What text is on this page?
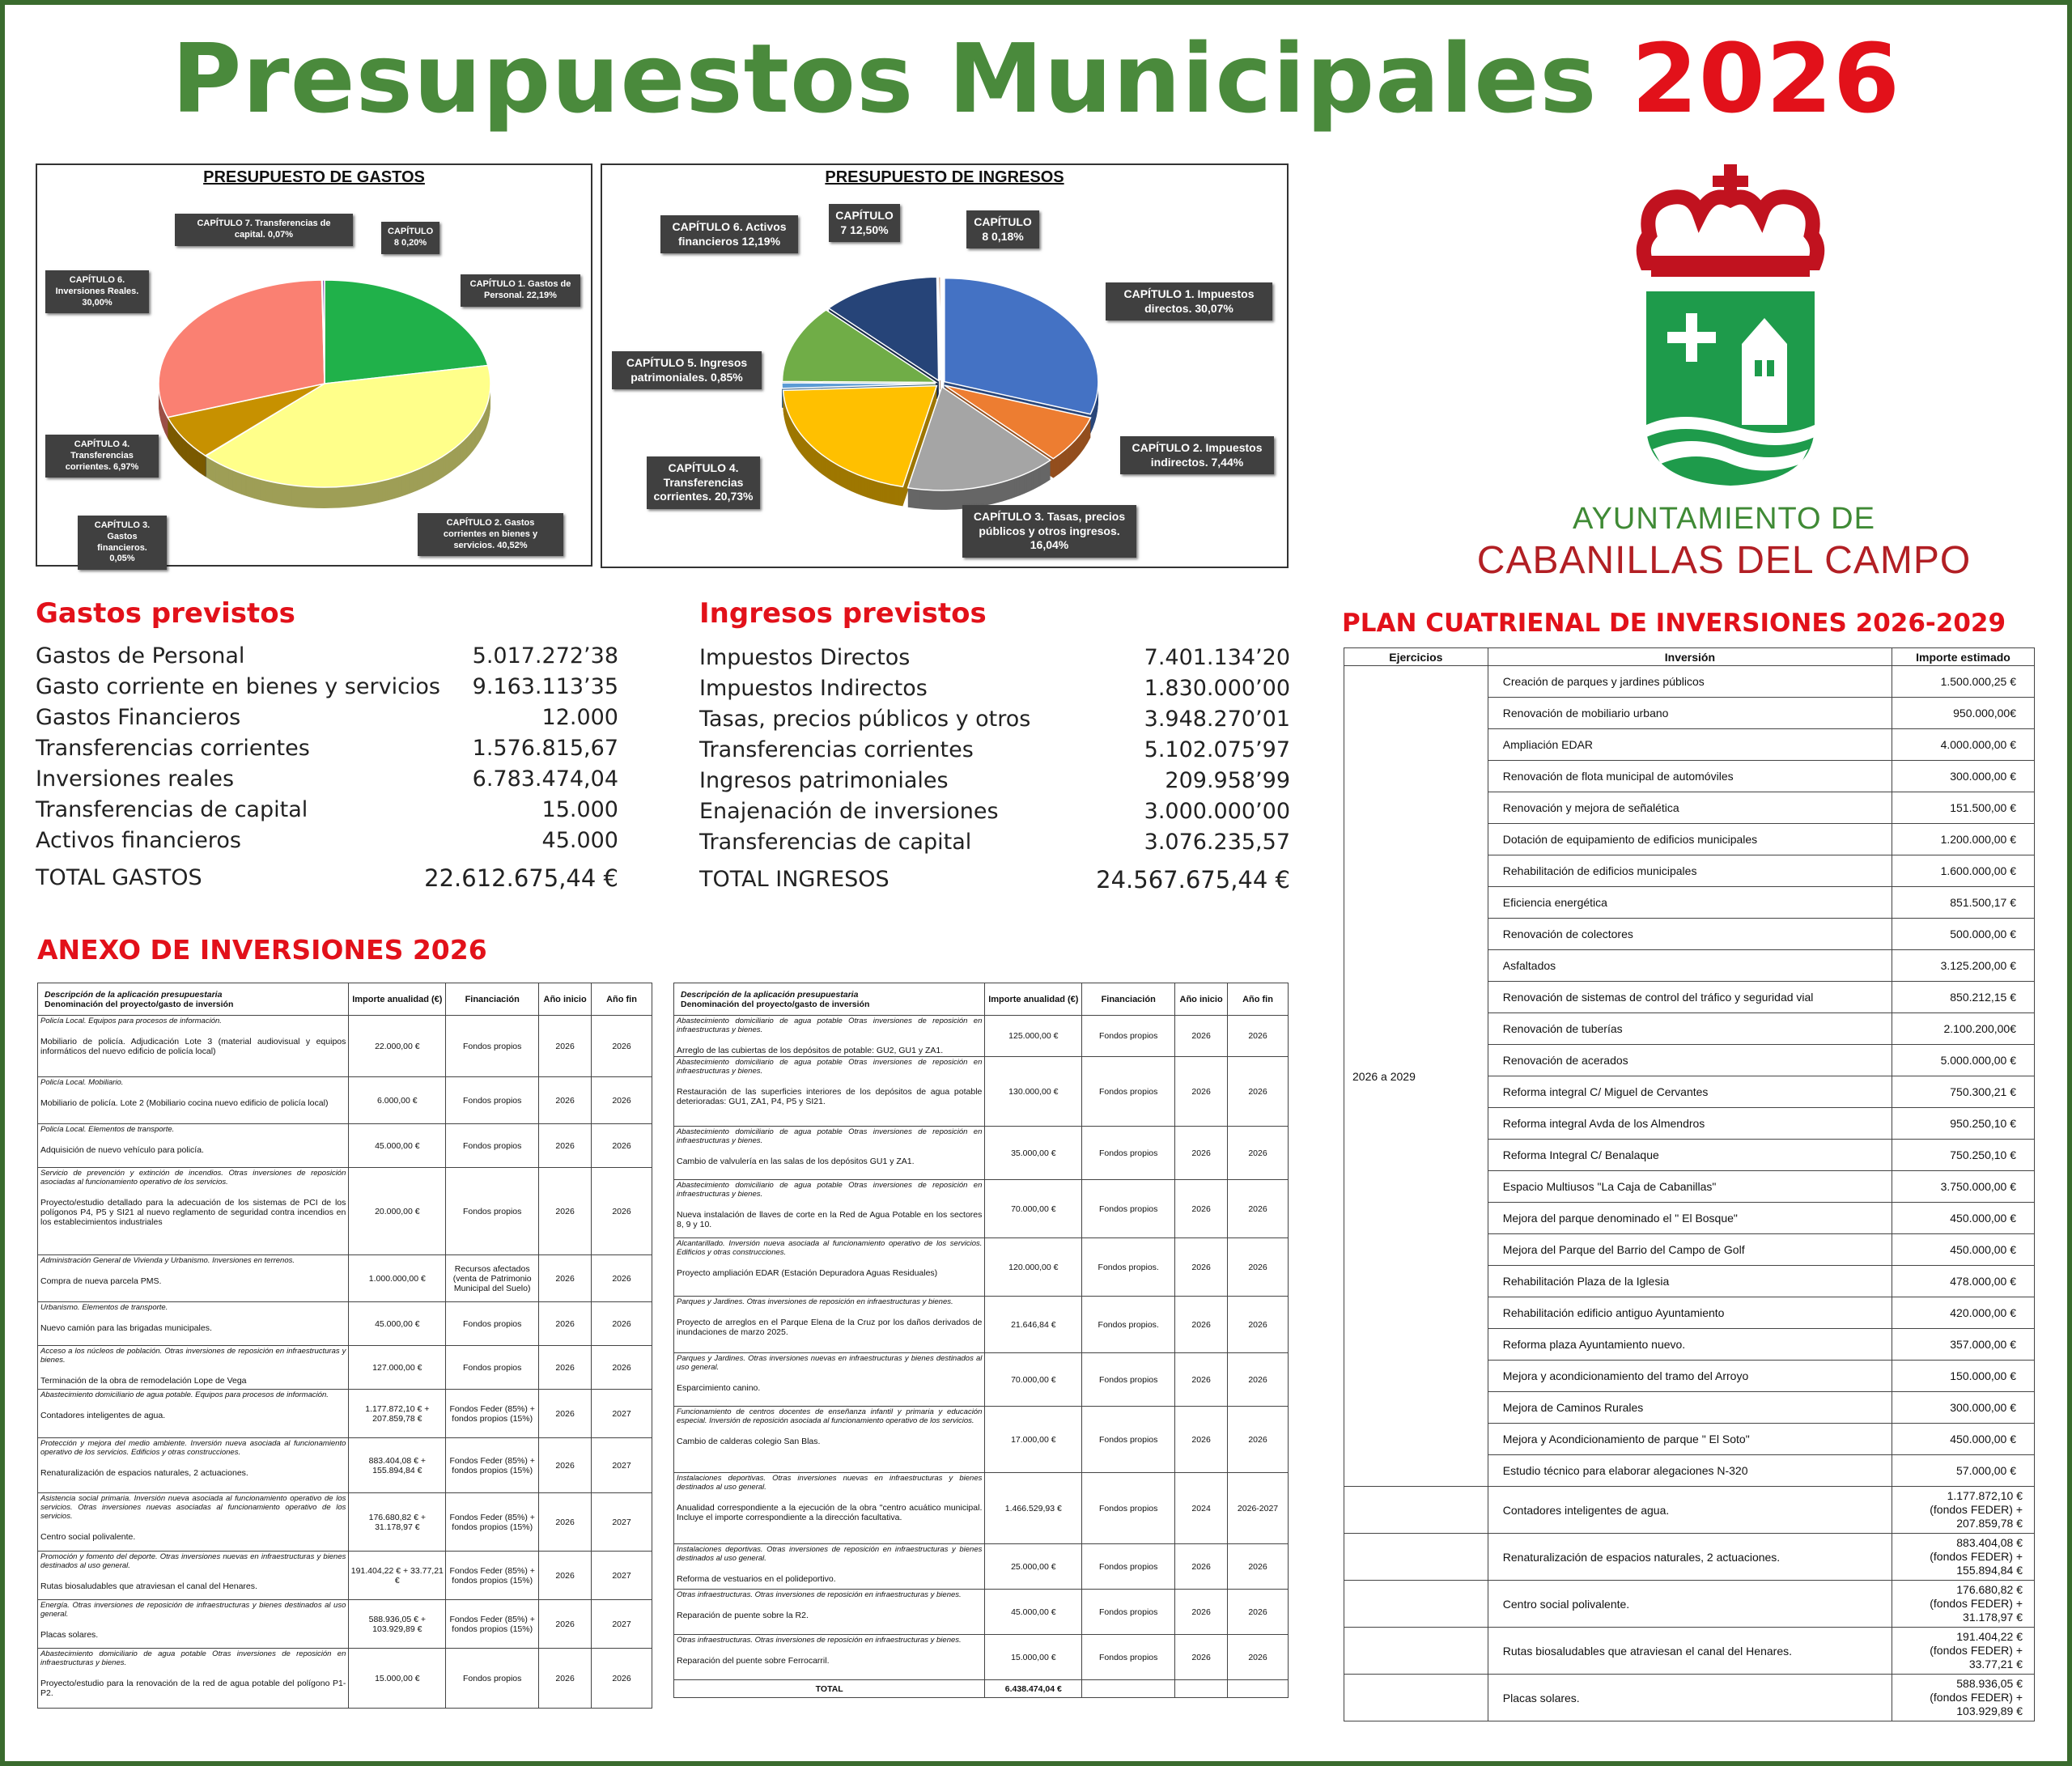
Presupuestos Municipales 2026
PRESUPUESTO DE GASTOS
CAPÍTULO 7. Transferencias de capital. 0,07%	CAPÍTULO 8 0,20%
CAPÍTULO 6. Inversiones Reales. 30,00%
CAPÍTULO 1. Gastos de Personal. 22,19%
CAPÍTULO 4. Transferencias corrientes. 6,97%
CAPÍTULO 3. Gastos financieros. 0,05%
CAPÍTULO 2. Gastos corrientes en bienes y servicios. 40,52%
PRESUPUESTO DE INGRESOS
CAPÍTULO 6. Activos financieros 12,19%
CAPÍTULO 7 12,50%
CAPÍTULO 8 0,18%
CAPÍTULO 1. Impuestos directos. 30,07%
CAPÍTULO 5. Ingresos patrimoniales. 0,85%
CAPÍTULO 2. Impuestos indirectos. 7,44%
CAPÍTULO 4. Transferencias corrientes. 20,73%
CAPÍTULO 3. Tasas, precios públicos y otros ingresos. 16,04%
AYUNTAMIENTO DE
CABANILLAS DEL CAMPO
Gastos previstos
Gastos de Personal	5.017.272’38
Gasto corriente en bienes y servicios 9.163.113’35
Gastos Financieros	12.000
Transferencias corrientes	1.576.815,67
Inversiones reales	6.783.474,04
Transferencias de capital	15.000
Activos financieros	45.000
TOTAL GASTOS	22.612.675,44 €
Ingresos previstos
Impuestos Directos	7.401.134’20
Impuestos Indirectos	1.830.000’00
Tasas, precios públicos y otros	3.948.270’01
Transferencias corrientes	5.102.075’97
Ingresos patrimoniales	209.958’99
Enajenación de inversiones	3.000.000’00
Transferencias de capital	3.076.235,57
TOTAL INGRESOS	24.567.675,44 €
PLAN CUATRIENAL DE INVERSIONES 2026-2029
Ejercicios	Inversión	Importe estimado
2026 a 2029	Creación de parques y jardines públicos	1.500.000,25 €
	Renovación de mobiliario urbano	950.000,00€
	Ampliación EDAR	4.000.000,00 €
	Renovación de flota municipal de automóviles	300.000,00 €
	Renovación y mejora de señalética	151.500,00 €
	Dotación de equipamiento de edificios municipales	1.200.000,00 €
	Rehabilitación de edificios municipales	1.600.000,00 €
	Eficiencia energética	851.500,17 €
	Renovación de colectores	500.000,00 €
	Asfaltados	3.125.200,00 €
	Renovación de sistemas de control del tráfico y seguridad vial	850.212,15 €
	Renovación de tuberías	2.100.200,00€
	Renovación de acerados	5.000.000,00 €
	Reforma integral C/ Miguel de Cervantes	750.300,21 €
	Reforma integral Avda de los Almendros	950.250,10 €
	Reforma Integral C/ Benalaque	750.250,10 €
	Espacio Multiusos "La Caja de Cabanillas"	3.750.000,00 €
	Mejora del parque denominado el " El Bosque"	450.000,00 €
	Mejora del Parque del Barrio del Campo de Golf	450.000,00 €
	Rehabilitación Plaza de la Iglesia	478.000,00 €
	Rehabilitación edificio antiguo Ayuntamiento	420.000,00 €
	Reforma plaza Ayuntamiento nuevo.	357.000,00 €
	Mejora y acondicionamiento del tramo del Arroyo	150.000,00 €
	Mejora de Caminos Rurales	300.000,00 €
	Mejora y Acondicionamiento de parque " El Soto"	450.000,00 €
	Estudio técnico para elaborar alegaciones N-320	57.000,00 €
	Contadores inteligentes de agua.	1.177.872,10 €
(fondos FEDER) +
207.859,78 €
	Renaturalización de espacios naturales, 2 actuaciones.	883.404,08 €
(fondos FEDER) +
155.894,84 €
	Centro social polivalente.	176.680,82 €
(fondos FEDER) +
31.178,97 €
	Rutas biosaludables que atraviesan el canal del Henares.	191.404,22 €
(fondos FEDER) +
33.77,21 €
	Placas solares.	588.936,05 €
(fondos FEDER) +
103.929,89 €
ANEXO DE INVERSIONES 2026
Descripción de la aplicación presupuestaria
Denominación del proyecto/gasto de inversión	Importe anualidad (€)	Financiación	Año inicio	Año fin

Policía Local. Equipos para procesos de información.
Mobiliario de policía. Adjudicación Lote 3 (material audiovisual y equipos informáticos del nuevo edificio de policía local)	22.000,00 €	Fondos propios	2026	2026

Policía Local. Mobiliario.
Mobiliario de policía. Lote 2 (Mobiliario cocina nuevo edificio de policía local)	6.000,00 €	Fondos propios	2026	2026

Policía Local. Elementos de transporte.
Adquisición de nuevo vehículo para policía.	45.000,00 €	Fondos propios	2026	2026

Servicio de prevención y extinción de incendios. Otras inversiones de reposición asociadas al funcionamiento operativo de los servicios.
Proyecto/estudio detallado para la adecuación de los sistemas de PCI de los polígonos P4, P5 y SI21 al nuevo reglamento de seguridad contra incendios en los establecimientos industriales	20.000,00 €	Fondos propios	2026	2026

Administración General de Vivienda y Urbanismo. Inversiones en terrenos.
Compra de nueva parcela PMS.	1.000.000,00 €	Recursos afectados (venta de Patrimonio Municipal del Suelo)	2026	2026

Urbanismo. Elementos de transporte.
Nuevo camión para las brigadas municipales.	45.000,00 €	Fondos propios	2026	2026

Acceso a los núcleos de población. Otras inversiones de reposición en infraestructuras y bienes.
Terminación de la obra de remodelación Lope de Vega	127.000,00 €	Fondos propios	2026	2026

Abastecimiento domiciliario de agua potable. Equipos para procesos de información.
Contadores inteligentes de agua.	1.177.872,10 € + 207.859,78 €	Fondos Feder (85%) + fondos propios (15%)	2026	2027

Protección y mejora del medio ambiente. Inversión nueva asociada al funcionamiento operativo de los servicios. Edificios y otras construcciones.
Renaturalización de espacios naturales, 2 actuaciones.	883.404,08 € + 155.894,84 €	Fondos Feder (85%) + fondos propios (15%)	2026	2027

Asistencia social primaria. Inversión nueva asociada al funcionamiento operativo de los servicios. Otras inversiones nuevas asociadas al funcionamiento operativo de los servicios.
Centro social polivalente.	176.680,82 € + 31.178,97 €	Fondos Feder (85%) + fondos propios (15%)	2026	2027

Promoción y fomento del deporte. Otras inversiones nuevas en infraestructuras y bienes destinados al uso general.
Rutas biosaludables que atraviesan el canal del Henares.	191.404,22 € + 33.77,21 €	Fondos Feder (85%) + fondos propios (15%)	2026	2027

Energía. Otras inversiones de reposición de infraestructuras y bienes destinados al uso general.
Placas solares.	588.936,05 € + 103.929,89 €	Fondos Feder (85%) + fondos propios (15%)	2026	2027

Abastecimiento domiciliario de agua potable Otras inversiones de reposición en infraestructuras y bienes.
Proyecto/estudio para la renovación de la red de agua potable del polígono P1-P2.	15.000,00 €	Fondos propios	2026	2026
Descripción de la aplicación presupuestaria
Denominación del proyecto/gasto de inversión	Importe anualidad (€)	Financiación	Año inicio	Año fin

Abastecimiento domiciliario de agua potable Otras inversiones de reposición en infraestructuras y bienes.
Arreglo de las cubiertas de los depósitos de potable: GU2, GU1 y ZA1.	125.000,00 €	Fondos propios	2026	2026

Abastecimiento domiciliario de agua potable Otras inversiones de reposición en infraestructuras y bienes.
Restauración de las superficies interiores de los depósitos de agua potable deterioradas: GU1, ZA1, P4, P5 y SI21.	130.000,00 €	Fondos propios	2026	2026

Abastecimiento domiciliario de agua potable Otras inversiones de reposición en infraestructuras y bienes.
Cambio de valvulería en las salas de los depósitos GU1 y ZA1.	35.000,00 €	Fondos propios	2026	2026

Abastecimiento domiciliario de agua potable Otras inversiones de reposición en infraestructuras y bienes.
Nueva instalación de llaves de corte en la Red de Agua Potable en los sectores 8, 9 y 10.	70.000,00 €	Fondos propios	2026	2026

Alcantarillado. Inversión nueva asociada al funcionamiento operativo de los servicios. Edificios y otras construcciones.
Proyecto ampliación EDAR (Estación Depuradora Aguas Residuales)	120.000,00 €	Fondos propios.	2026	2026

Parques y Jardines. Otras inversiones de reposición en infraestructuras y bienes.
Proyecto de arreglos en el Parque Elena de la Cruz por los daños derivados de inundaciones de marzo 2025.	21.646,84 €	Fondos propios.	2026	2026

Parques y Jardines. Otras inversiones nuevas en infraestructuras y bienes destinados al uso general.
Esparcimiento canino.	70.000,00 €	Fondos propios	2026	2026

Funcionamiento de centros docentes de enseñanza infantil y primaria y educación especial. Inversión de reposición asociada al funcionamiento operativo de los servicios.
Cambio de calderas colegio San Blas.	17.000,00 €	Fondos propios	2026	2026

Instalaciones deportivas. Otras inversiones nuevas en infraestructuras y bienes destinados al uso general.
Anualidad correspondiente a la ejecución de la obra "centro acuático municipal. Incluye el importe correspondiente a la dirección facultativa.	1.466.529,93 €	Fondos propios	2024	2026-2027

Instalaciones deportivas. Otras inversiones de reposición en infraestructuras y bienes destinados al uso general.
Reforma de vestuarios en el polideportivo.	25.000,00 €	Fondos propios	2026	2026

Otras infraestructuras. Otras inversiones de reposición en infraestructuras y bienes.
Reparación de puente sobre la R2.	45.000,00 €	Fondos propios	2026	2026

Otras infraestructuras. Otras inversiones de reposición en infraestructuras y bienes.
Reparación del puente sobre Ferrocarril.	15.000,00 €	Fondos propios	2026	2026
TOTAL	6.438.474,04 €			
